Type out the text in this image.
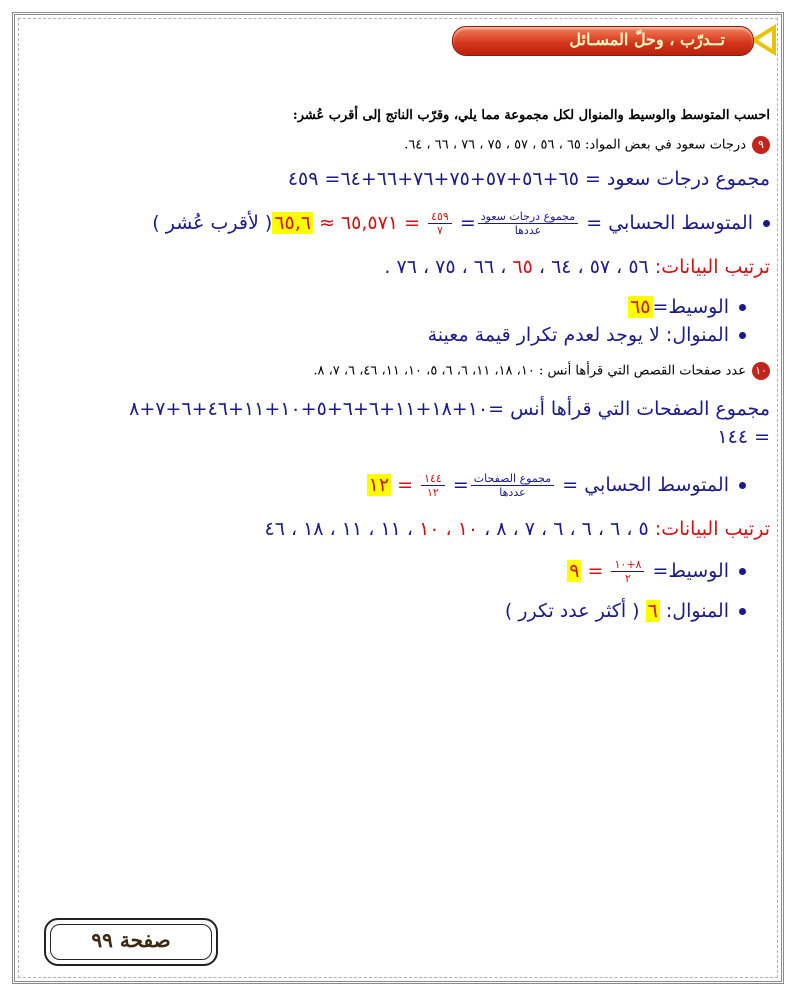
تــدرّب ، وحلّ المسـائل
احسب المتوسط والوسيط والمنوال لكل مجموعة مما يلي، وقرّب الناتج إلى أقرب عُشر:
٩درجات سعود في بعض المواد: ٦٥ ، ٥٦ ، ٥٧ ، ٧٥ ، ٧٦ ، ٦٦ ، ٦٤.
مجموع درجات سعود = ٦٥+٥٦+٥٧+٧٥+٧٦+٦٦+٦٤= ٤٥٩
المتوسط الحسابي =
$\frac{\text{مجموع درجات سعود}}{\text{عددها}}$
=
$\frac{٤٥٩}{٧}$
= ٦٥,٥٧١ ≈ ٦٥,٦( لأقرب عُشر )
ترتيب البيانات: ٥٦ ، ٥٧ ، ٦٤ ، ٦٥ ، ٦٦ ، ٧٥ ، ٧٦ .
الوسيط=٦٥
المنوال: لا يوجد لعدم تكرار قيمة معينة
١٠عدد صفحات القصص التي قرأها أنس : ١٠، ١٨، ١١، ٦، ٦، ٥، ١٠، ١١، ٤٦، ٦، ٧، ٨.
مجموع الصفحات التي قرأها أنس =١٠+١٨+١١+٦+٦+٥+١٠+١١+٤٦+٦+٧+٨
= ١٤٤
المتوسط الحسابي =
$\frac{\text{مجموع الصفحات}}{\text{عددها}}$
=
$\frac{١٤٤}{١٢}$
= ١٢
ترتيب البيانات: ٥ ، ٦ ، ٦ ، ٦ ، ٧ ، ٨ ، ١٠ ، ١٠ ، ١١ ، ١١ ، ١٨ ، ٤٦
الوسيط=
$\frac{٨+١٠}{٢}$
= ٩
المنوال: ٦ ( أكثر عدد تكرر )
صفحة ٩٩
